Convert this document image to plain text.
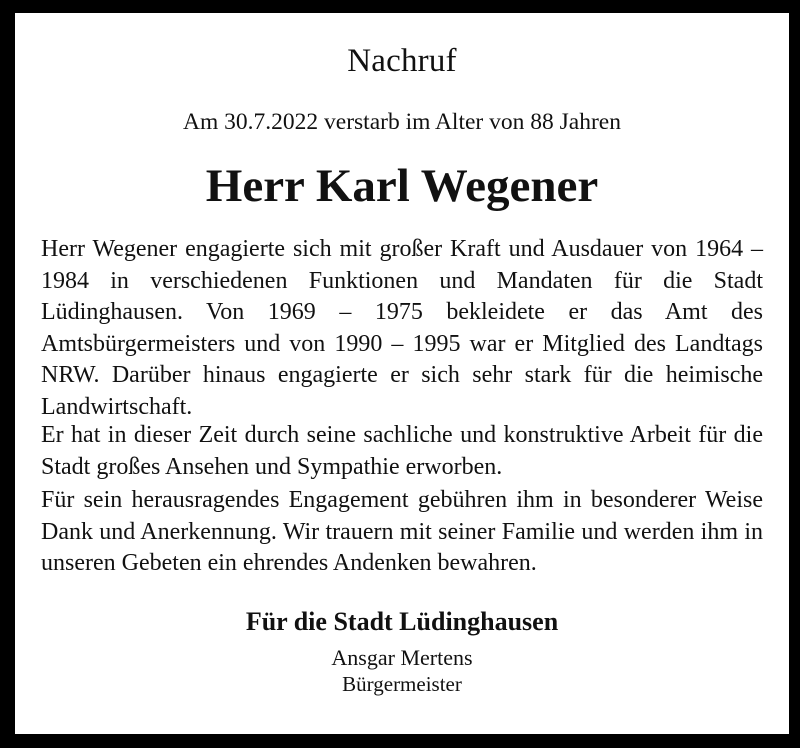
Nachruf
Am 30.7.2022 verstarb im Alter von 88 Jahren
Herr Karl Wegener
Herr Wegener engagierte sich mit großer Kraft und Ausdauer von 1964 – 1984 in verschiedenen Funktionen und Mandaten für die Stadt Lüdinghausen. Von 1969 – 1975 bekleidete er das Amt des Amtsbürgermeisters und von 1990 – 1995 war er Mitglied des Landtags NRW. Darüber hinaus engagierte er sich sehr stark für die heimische Landwirtschaft.
Er hat in dieser Zeit durch seine sachliche und konstruktive Arbeit für die Stadt großes Ansehen und Sympathie erworben.
Für sein herausragendes Engagement gebühren ihm in besonderer Weise Dank und Anerkennung. Wir trauern mit seiner Familie und werden ihm in unseren Gebeten ein ehrendes Andenken bewahren.
Für die Stadt Lüdinghausen
Ansgar Mertens
Bürgermeister
